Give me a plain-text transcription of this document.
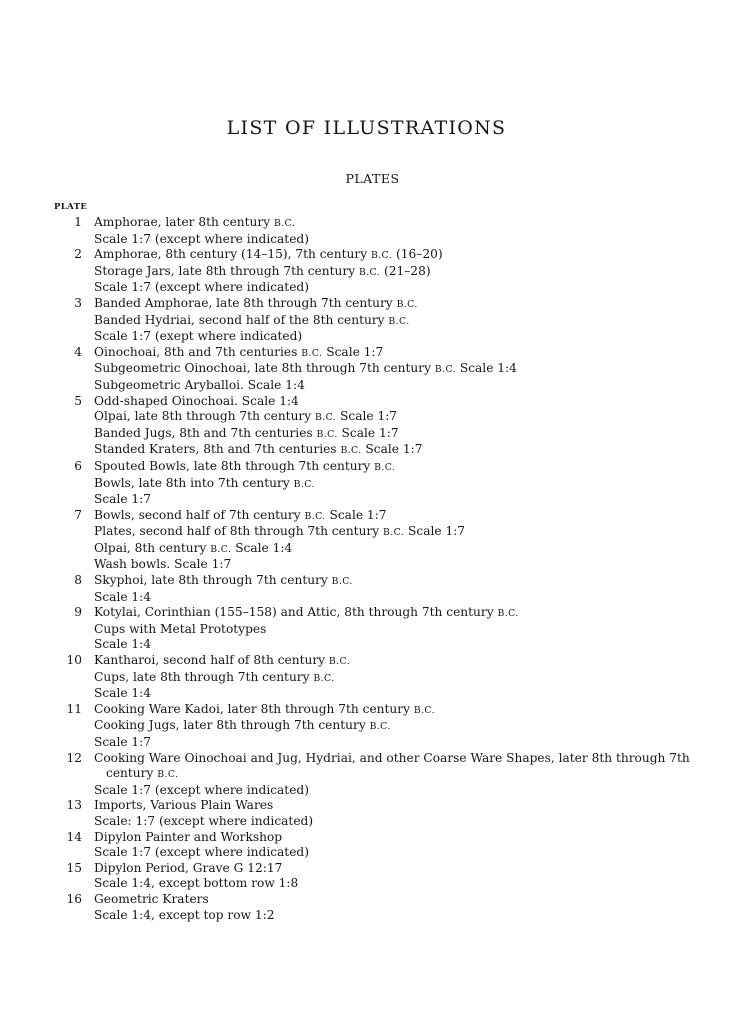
LIST OF ILLUSTRATIONS
PLATES
PLATE
1 Amphorae, later 8th century B.C.
Scale 1:7 (except where indicated)
2 Amphorae, 8th century (14–15), 7th century B.C. (16–20)
Storage Jars, late 8th through 7th century B.C. (21–28)
Scale 1:7 (except where indicated)
3 Banded Amphorae, late 8th through 7th century B.C.
Banded Hydriai, second half of the 8th century B.C.
Scale 1:7 (exept where indicated)
4 Oinochoai, 8th and 7th centuries B.C. Scale 1:7
Subgeometric Oinochoai, late 8th through 7th century B.C. Scale 1:4
Subgeometric Aryballoi. Scale 1:4
5 Odd-shaped Oinochoai. Scale 1:4
Olpai, late 8th through 7th century B.C. Scale 1:7
Banded Jugs, 8th and 7th centuries B.C. Scale 1:7
Standed Kraters, 8th and 7th centuries B.C. Scale 1:7
6 Spouted Bowls, late 8th through 7th century B.C.
Bowls, late 8th into 7th century B.C.
Scale 1:7
7 Bowls, second half of 7th century B.C. Scale 1:7
Plates, second half of 8th through 7th century B.C. Scale 1:7
Olpai, 8th century B.C. Scale 1:4
Wash bowls. Scale 1:7
8 Skyphoi, late 8th through 7th century B.C.
Scale 1:4
9 Kotylai, Corinthian (155–158) and Attic, 8th through 7th century B.C.
Cups with Metal Prototypes
Scale 1:4
10 Kantharoi, second half of 8th century B.C.
Cups, late 8th through 7th century B.C.
Scale 1:4
11 Cooking Ware Kadoi, later 8th through 7th century B.C.
Cooking Jugs, later 8th through 7th century B.C.
Scale 1:7
12 Cooking Ware Oinochoai and Jug, Hydriai, and other Coarse Ware Shapes, later 8th through 7th century B.C.
Scale 1:7 (except where indicated)
13 Imports, Various Plain Wares
Scale: 1:7 (except where indicated)
14 Dipylon Painter and Workshop
Scale 1:7 (except where indicated)
15 Dipylon Period, Grave G 12:17
Scale 1:4, except bottom row 1:8
16 Geometric Kraters
Scale 1:4, except top row 1:2
